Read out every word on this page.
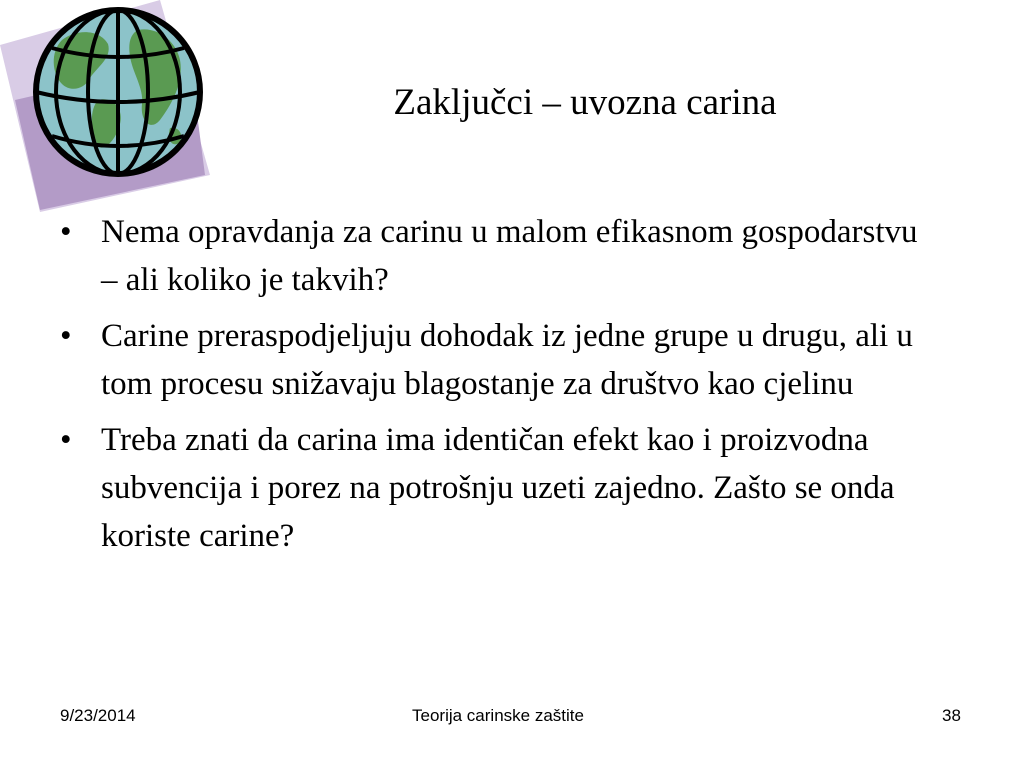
Zaključci – uvozna carina
• Nema opravdanja za carinu u malom efikasnom gospodarstvu – ali koliko je takvih?
• Carine preraspodjeljuju dohodak iz jedne grupe u drugu, ali u tom procesu snižavaju blagostanje za društvo kao cjelinu
• Treba znati da carina ima identičan efekt kao i proizvodna subvencija i porez na potrošnju uzeti zajedno. Zašto se onda koriste carine?
9/23/2014	Teorija carinske zaštite	38
